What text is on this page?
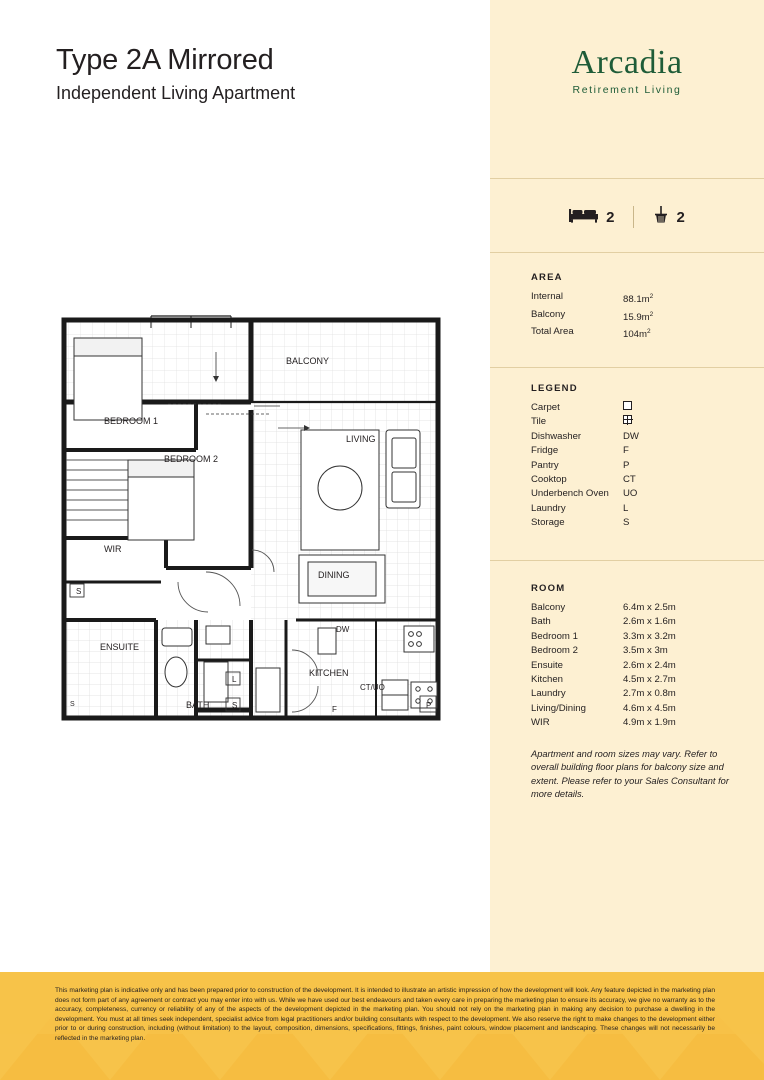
Type 2A Mirrored

Independent Living Apartment

Arcadia
Retirement Living
2	2
AREA
Internal	$88.1m^2$
Balcony	$15.9m^2$
Total Area	$104m^2$
LEGEND
Carpet
Tile
Dishwasher	DW
Fridge	F
Pantry	P
Cooktop	CT
Underbench Oven	UO
Laundry	L
Storage	S
ROOM
Balcony	6.4m x 2.5m
Bath	2.6m x 1.6m
Bedroom 1	3.3m x 3.2m
Bedroom 2	3.5m x 3m
Ensuite	2.6m x 2.4m
Kitchen	4.5m x 2.7m
Laundry	2.7m x 0.8m
Living/Dining	4.6m x 4.5m
WIR	4.9m x 1.9m
Apartment and room sizes may vary. Refer to overall building floor plans for balcony size and extent. Please refer to your Sales Consultant for more details.
BALCONY
BEDROOM 1
BEDROOM 2
LIVING
DINING
KITCHEN
WIR
ENSUITE
BATH
DW
CT/UO
F	P
S
S
L
S
This marketing plan is indicative only and has been prepared prior to construction of the development. It is intended to illustrate an artistic impression of how the development will look. Any feature depicted in the marketing plan does not form part of any agreement or contract you may enter into with us. While we have used our best endeavours and taken every care in preparing the marketing plan to ensure its accuracy, we give no warranty as to the accuracy, completeness, currency or reliability of any of the aspects of the development depicted in the marketing plan. You should not rely on the marketing plan in making any decision to purchase a dwelling in the development. You must at all times seek independent, specialist advice from legal practitioners and/or building consultants with respect to the development. We also reserve the right to make changes to the development either prior to or during construction, including (without limitation) to the layout, composition, dimensions, specifications, fittings, finishes, paint colours, window placement and landscaping. These changes will not necessarily be reflected in the marketing plan.
